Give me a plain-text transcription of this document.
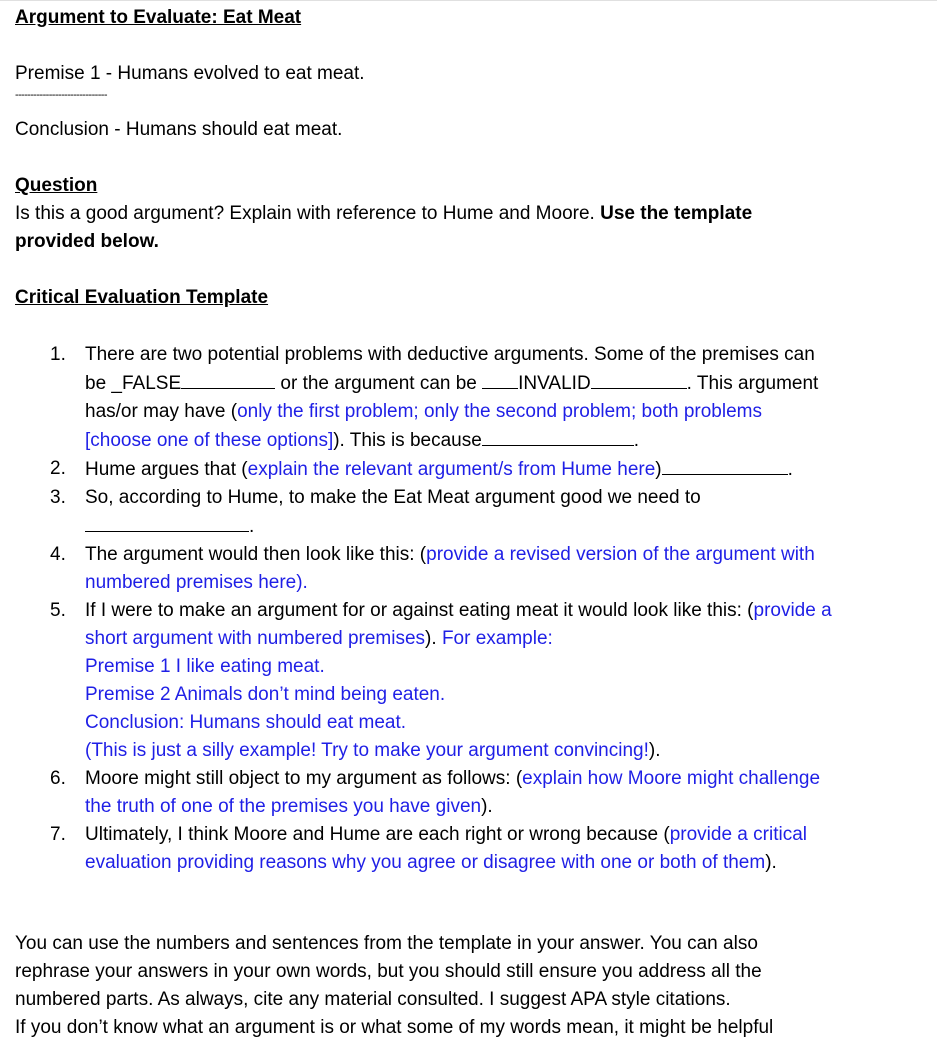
Argument to Evaluate: Eat Meat
Premise 1 - Humans evolved to eat meat.
------------------------------
Conclusion - Humans should eat meat.
Question
Is this a good argument? Explain with reference to Hume and Moore. Use the template
provided below.
Critical Evaluation Template
1. There are two potential problems with deductive arguments. Some of the premises can
be _FALSE	or the argument can be INVALID	. This argument
has/or may have (only the first problem; only the second problem; both problems
[choose one of these options]). This is because	.
2. Hume argues that (explain the relevant argument/s from Hume here)	.
3. So, according to Hume, to make the Eat Meat argument good we need to
.
4. The argument would then look like this: (provide a revised version of the argument with
numbered premises here).
5. If I were to make an argument for or against eating meat it would look like this: (provide a
short argument with numbered premises). For example:
Premise 1 I like eating meat.
Premise 2 Animals don’t mind being eaten.
Conclusion: Humans should eat meat.
(This is just a silly example! Try to make your argument convincing!).
6. Moore might still object to my argument as follows: (explain how Moore might challenge
the truth of one of the premises you have given).
7. Ultimately, I think Moore and Hume are each right or wrong because (provide a critical
evaluation providing reasons why you agree or disagree with one or both of them).
You can use the numbers and sentences from the template in your answer. You can also
rephrase your answers in your own words, but you should still ensure you address all the
numbered parts. As always, cite any material consulted. I suggest APA style citations.
If you don’t know what an argument is or what some of my words mean, it might be helpful
